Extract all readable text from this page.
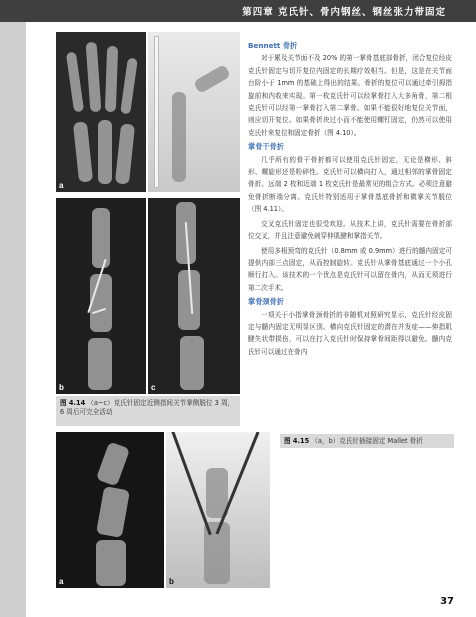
第四章 克氏针、骨内钢丝、钢丝张力带固定
a
b	c
图 4.14 （a~c）克氏针固定近侧指间关节掌侧脱位 3 周，6 周后可完全活动
a	b
图 4.15 （a，b）克氏针插接固定 Mallet 骨折
Bennett 骨折

对于累及关节面不及 20% 的第一掌骨基底部骨折，闭合复位经皮克氏针固定与切开复位内固定的长期疗效相当。但是，这是在关节面台阶小于 1mm 的基础上得出的结果。骨折的复位可以通过牵引拇指旋前和内收来实现。第一枚克氏针可以经掌骨打入大多角骨，第二根克氏针可以经第一掌骨打入第二掌骨。如果不能很好地复位关节面，则应切开复位。如果骨折块过小而不能使用螺钉固定，仍然可以使用克氏针来复位和固定骨折（图 4.10）。

掌骨干骨折

几乎所有的骨干骨折都可以使用克氏针固定，无论是横形、斜形、螺旋形还是粉碎性。克氏针可以横向打入，通过相邻的掌骨固定骨折。远端 2 枚和近端 1 枚克氏针是最常见的组合方式。必须注意避免骨折断端分离。克氏针特别适用于掌骨基底骨折和微掌关节脱位（图 4.11）。

交叉克氏针固定也很受欢迎。从技术上讲，克氏针需要在骨折部位交叉，并且注意避免刺穿伸肌腱和掌指关节。

使用多根预弯的克氏针（0.8mm 或 0.9mm）进行的髓内固定可提供内部三点固定，从而控制旋转。克氏针从掌骨基底通过一个小孔顺行打入。该技术的一个优点是克氏针可以留在骨内，从而无须进行第二次手术。

掌骨颈骨折

一项关于小指掌骨颈骨折的非随机对照研究显示，克氏针经皮固定与髓内固定无明显区别。横向克氏针固定的潜在并发症——伸指肌腱失状带损伤，可以在打入克氏针时保持掌骨间距得以避免。髓内克氏针可以通过在骨内

37
